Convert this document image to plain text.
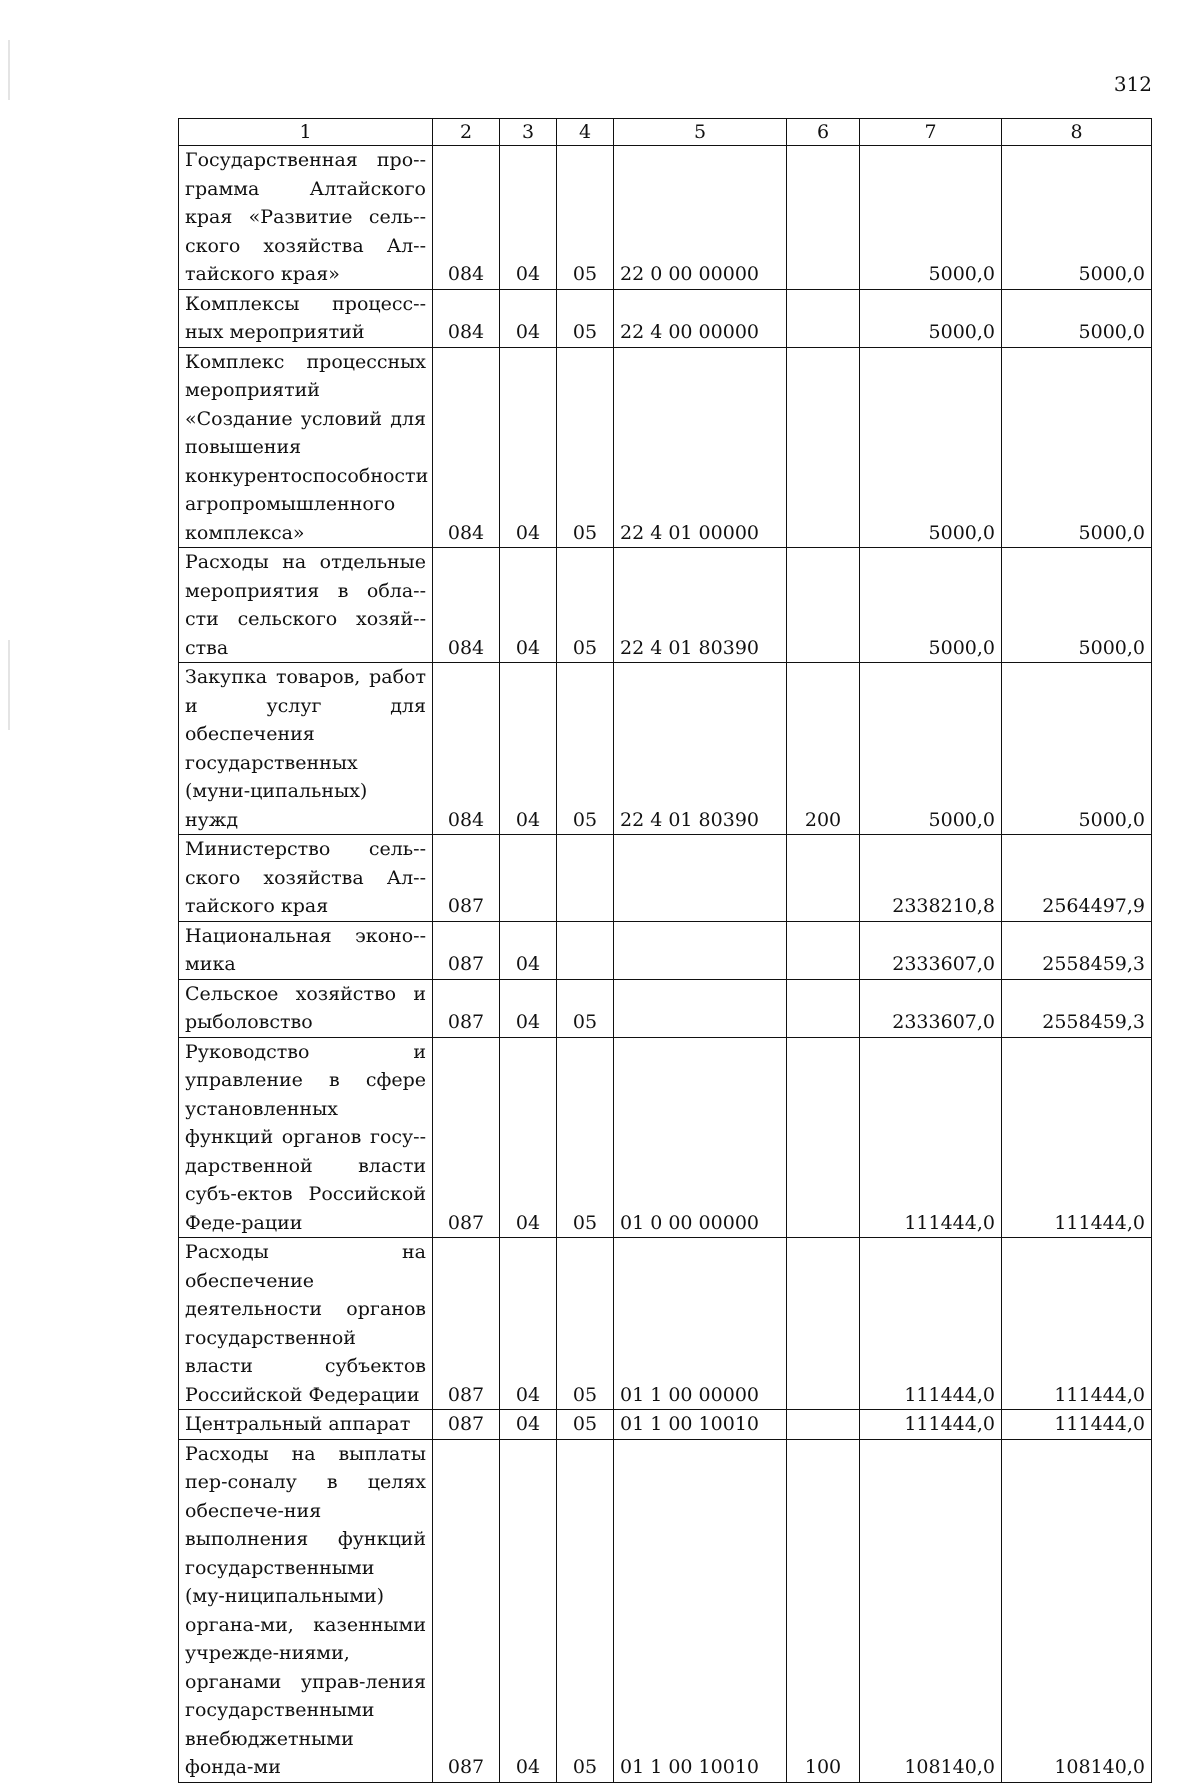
312
1	2	3	4	5	6	7	8
Государственная про-грамма Алтайского края «Развитие сель-ского хозяйства Ал-тайского края»	084	04	05	22 0 00 00000		5000,0	5000,0
Комплексы процесс-ных мероприятий	084	04	05	22 4 00 00000		5000,0	5000,0
Комплекс процессных мероприятий «Создание условий для повышения конкурентоспособности агропромышленного комплекса»	084	04	05	22 4 01 00000		5000,0	5000,0
Расходы на отдельные мероприятия в обла-сти сельского хозяй-ства	084	04	05	22 4 01 80390		5000,0	5000,0
Закупка товаров, работ и услуг для обеспечения государственных (муни-ципальных) нужд	084	04	05	22 4 01 80390	200	5000,0	5000,0
Министерство сель-ского хозяйства Ал-тайского края	087					2338210,8	2564497,9
Национальная эконо-мика	087	04				2333607,0	2558459,3
Сельское хозяйство и рыболовство	087	04	05			2333607,0	2558459,3
Руководство и управление в сфере установленных функций органов госу-дарственной власти субъ-ектов Российской Феде-рации	087	04	05	01 0 00 00000		111444,0	111444,0
Расходы на обеспечение деятельности органов государственной власти субъектов Российской Федерации	087	04	05	01 1 00 00000		111444,0	111444,0
Центральный аппарат	087	04	05	01 1 00 10010		111444,0	111444,0
Расходы на выплаты пер-соналу в целях обеспече-ния выполнения функций государственными (му-ниципальными) органа-ми, казенными учрежде-ниями, органами управ-ления государственными внебюджетными фонда-ми	087	04	05	01 1 00 10010	100	108140,0	108140,0
